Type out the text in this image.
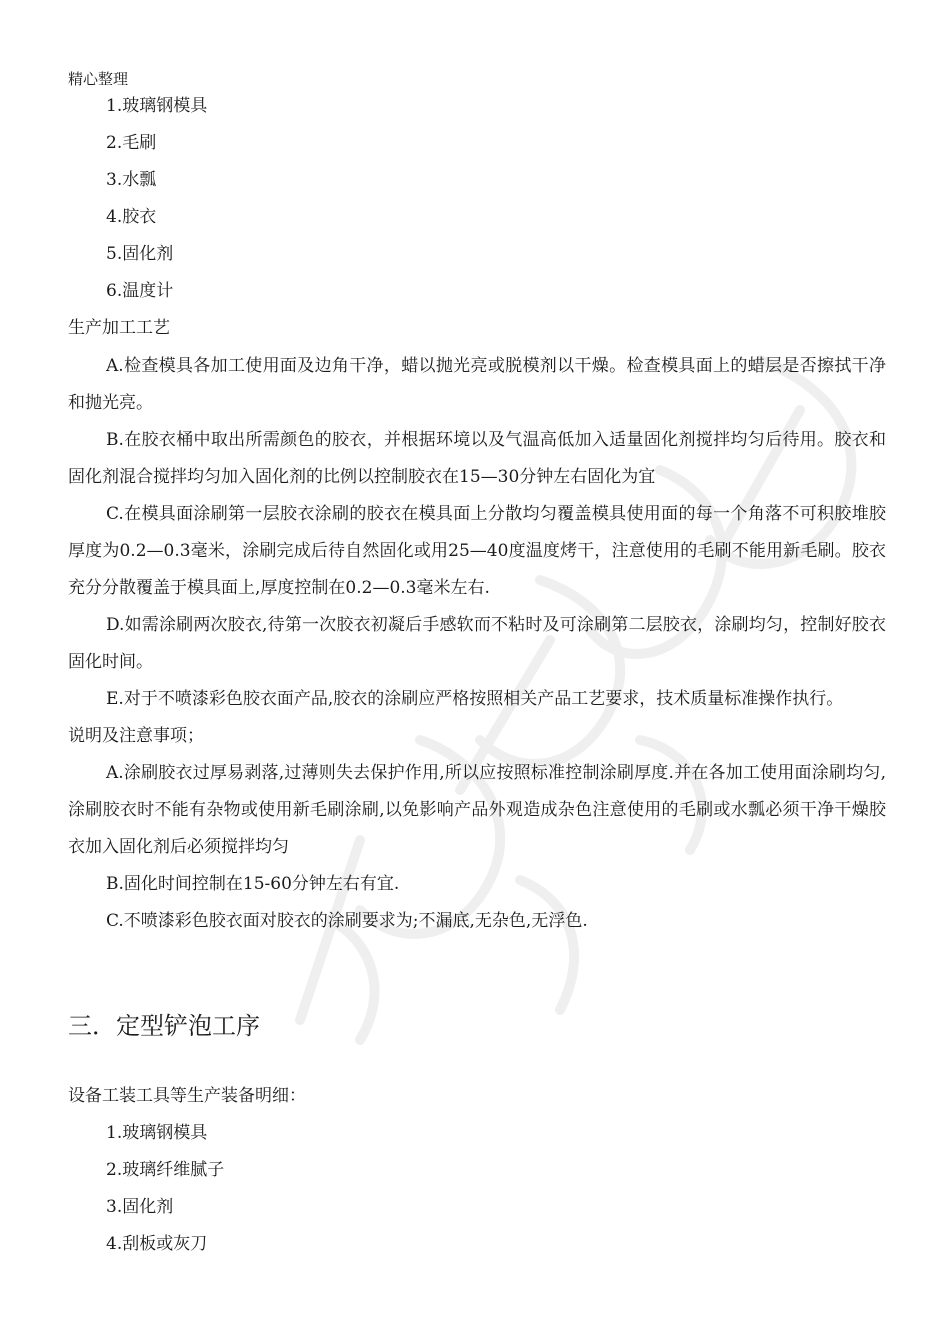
精心整理
1.玻璃钢模具
2.毛刷
3.水瓢
4.胶衣
5.固化剂
6.温度计
生产加工工艺
A.检查模具各加工使用面及边角干净，蜡以抛光亮或脱模剂以干燥。检查模具面上的蜡层是否擦拭干净和抛光亮。
B.在胶衣桶中取出所需颜色的胶衣，并根据环境以及气温高低加入适量固化剂搅拌均匀后待用。胶衣和固化剂混合搅拌均匀加入固化剂的比例以控制胶衣在15—30分钟左右固化为宜
C.在模具面涂刷第一层胶衣涂刷的胶衣在模具面上分散均匀覆盖模具使用面的每一个角落不可积胶堆胶厚度为0.2—0.3毫米，涂刷完成后待自然固化或用25—40度温度烤干，注意使用的毛刷不能用新毛刷。胶衣充分分散覆盖于模具面上,厚度控制在0.2—0.3毫米左右.
D.如需涂刷两次胶衣,待第一次胶衣初凝后手感软而不粘时及可涂刷第二层胶衣，涂刷均匀，控制好胶衣固化时间。
E.对于不喷漆彩色胶衣面产品,胶衣的涂刷应严格按照相关产品工艺要求，技术质量标准操作执行。
说明及注意事项；
A.涂刷胶衣过厚易剥落,过薄则失去保护作用,所以应按照标准控制涂刷厚度.并在各加工使用面涂刷均匀,涂刷胶衣时不能有杂物或使用新毛刷涂刷,以免影响产品外观造成杂色注意使用的毛刷或水瓢必须干净干燥胶衣加入固化剂后必须搅拌均匀
B.固化时间控制在15-60分钟左右有宜.
C.不喷漆彩色胶衣面对胶衣的涂刷要求为;不漏底,无杂色,无浮色.
三．定型铲泡工序
设备工装工具等生产装备明细：
1.玻璃钢模具
2.玻璃纤维腻子
3.固化剂
4.刮板或灰刀
